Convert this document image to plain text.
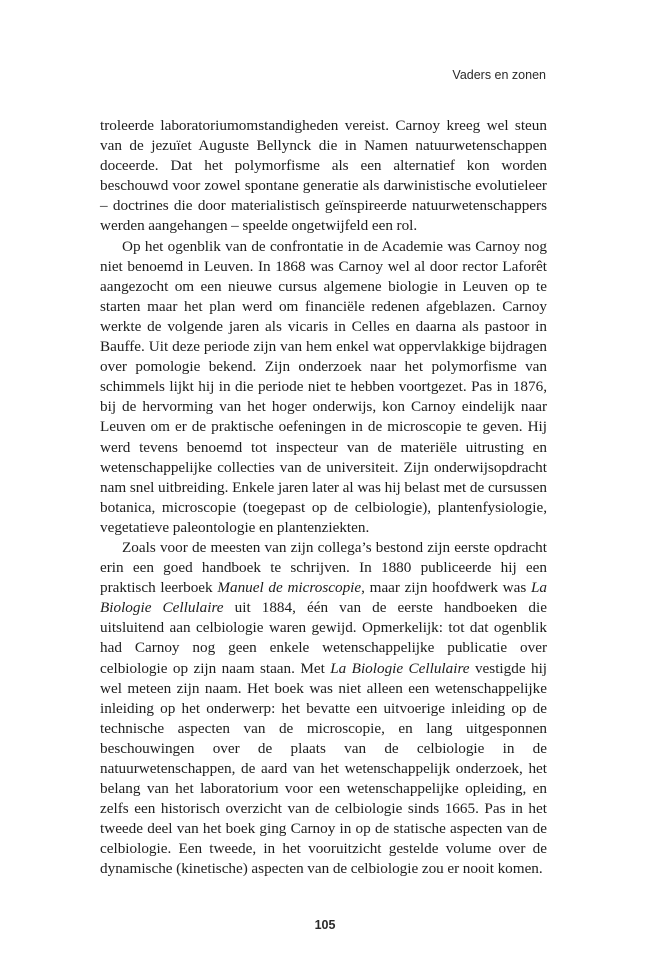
Vaders en zonen

troleerde laboratoriumomstandigheden vereist. Carnoy kreeg wel steun van de jezuïet Auguste Bellynck die in Namen natuurwetenschappen doceerde. Dat het polymorfisme als een alternatief kon worden beschouwd voor zowel spontane generatie als darwinistische evolutieleer – doctrines die door materialistisch geïnspireerde natuurwetenschappers werden aangehangen – speelde ongetwijfeld een rol.

Op het ogenblik van de confrontatie in de Academie was Carnoy nog niet benoemd in Leuven. In 1868 was Carnoy wel al door rector Laforêt aangezocht om een nieuwe cursus algemene biologie in Leuven op te starten maar het plan werd om financiële redenen afgeblazen. Carnoy werkte de volgende jaren als vicaris in Celles en daarna als pastoor in Bauffe. Uit deze periode zijn van hem enkel wat oppervlakkige bijdragen over pomologie bekend. Zijn onderzoek naar het polymorfisme van schimmels lijkt hij in die periode niet te hebben voortgezet. Pas in 1876, bij de hervorming van het hoger onderwijs, kon Carnoy eindelijk naar Leuven om er de praktische oefeningen in de microscopie te geven. Hij werd tevens benoemd tot inspecteur van de materiële uitrusting en wetenschappelijke collecties van de universiteit. Zijn onderwijsopdracht nam snel uitbreiding. Enkele jaren later al was hij belast met de cursussen botanica, microscopie (toegepast op de celbiologie), plantenfysiologie, vegetatieve paleontologie en plantenziekten.

Zoals voor de meesten van zijn collega’s bestond zijn eerste opdracht erin een goed handboek te schrijven. In 1880 publiceerde hij een praktisch leerboek Manuel de microscopie, maar zijn hoofdwerk was La Biologie Cellulaire uit 1884, één van de eerste handboeken die uitsluitend aan celbiologie waren gewijd. Opmerkelijk: tot dat ogenblik had Carnoy nog geen enkele wetenschappelijke publicatie over celbiologie op zijn naam staan. Met La Biologie Cellulaire vestigde hij wel meteen zijn naam. Het boek was niet alleen een wetenschappelijke inleiding op het onderwerp: het bevatte een uitvoerige inleiding op de technische aspecten van de microscopie, en lang uitgesponnen beschouwingen over de plaats van de celbiologie in de natuurwetenschappen, de aard van het wetenschappelijk onderzoek, het belang van het laboratorium voor een wetenschappelijke opleiding, en zelfs een historisch overzicht van de celbiologie sinds 1665. Pas in het tweede deel van het boek ging Carnoy in op de statische aspecten van de celbiologie. Een tweede, in het vooruitzicht gestelde volume over de dynamische (kinetische) aspecten van de celbiologie zou er nooit komen.

105
